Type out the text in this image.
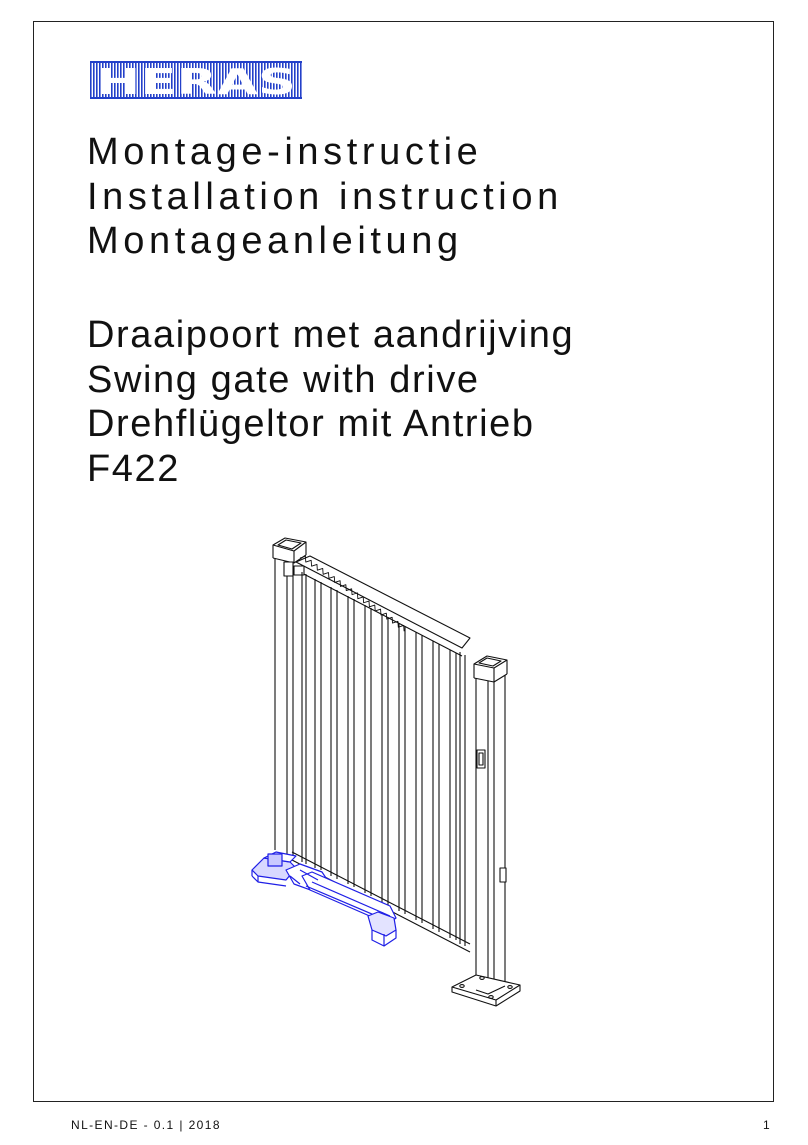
Montage-instructie
Installation instruction
Montageanleitung
Draaipoort met aandrijving
Swing gate with drive
Drehflügeltor mit Antrieb
F422
NL-EN-DE - 0.1 | 2018	1
